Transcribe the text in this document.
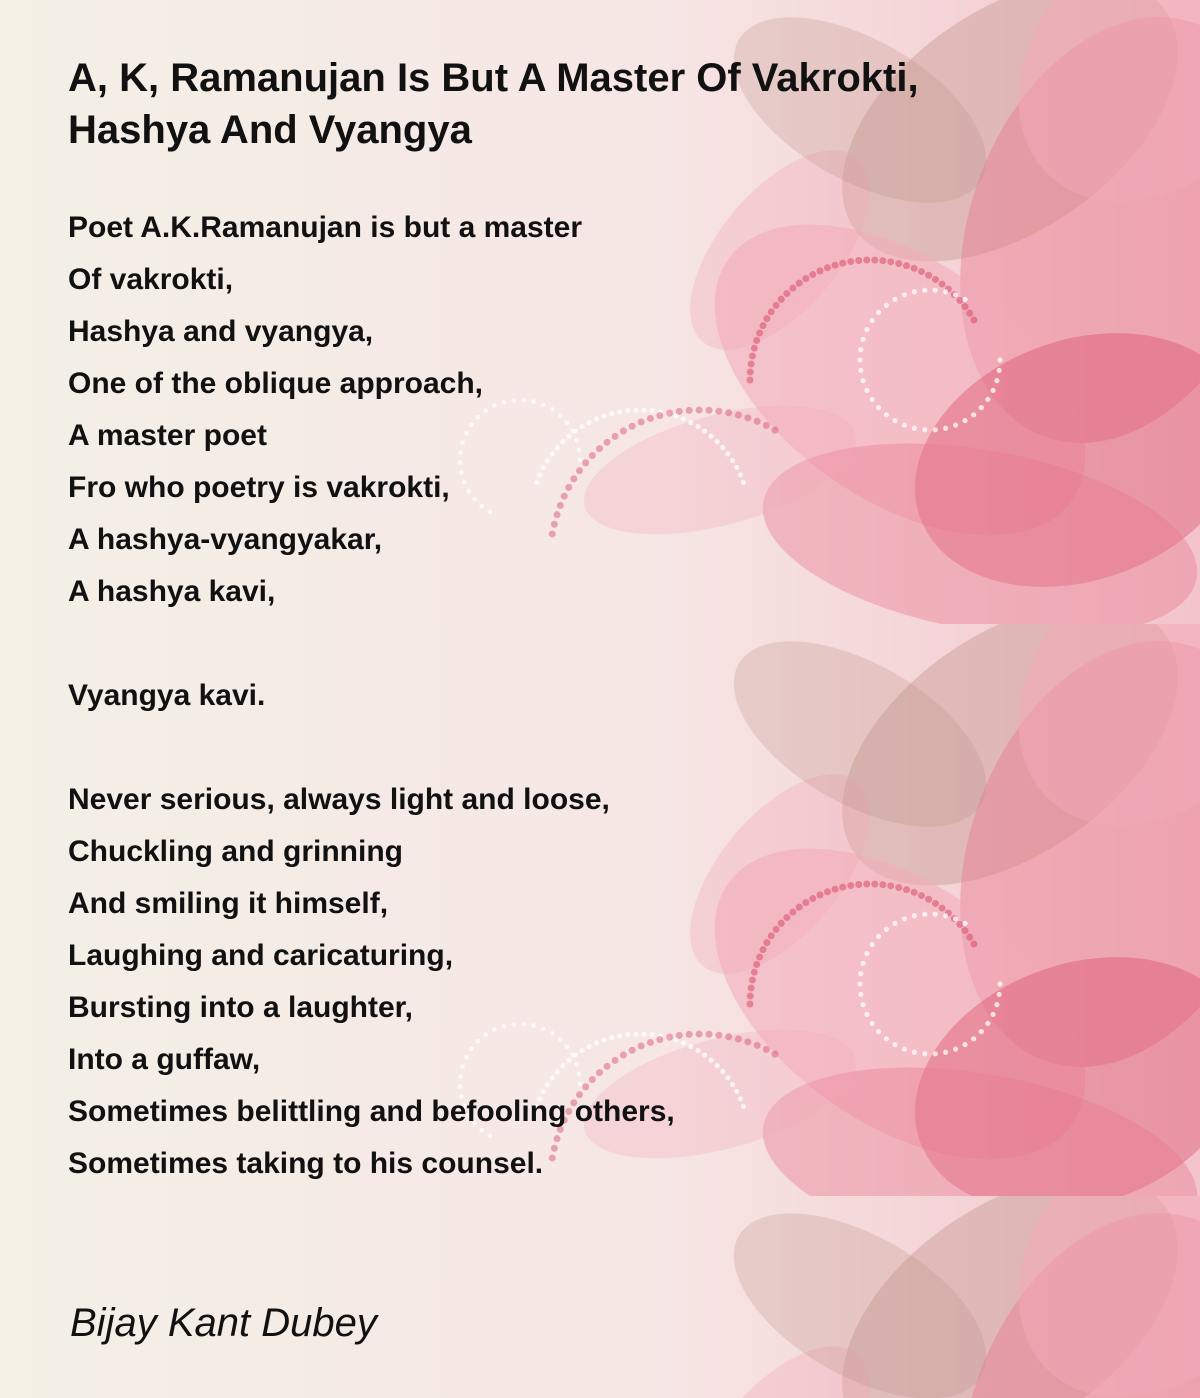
A, K, Ramanujan Is But A Master Of Vakrokti, Hashya And Vyangya
Poet A.K.Ramanujan is but a master
Of vakrokti,
Hashya and vyangya,
One of the oblique approach,
A master poet
Fro who poetry is vakrokti,
A hashya-vyangyakar,
A hashya kavi,
Vyangya kavi.
Never serious, always light and loose,
Chuckling and grinning
And smiling it himself,
Laughing and caricaturing,
Bursting into a laughter,
Into a guffaw,
Sometimes belittling and befooling others,
Sometimes taking to his counsel.

Bijay Kant Dubey
